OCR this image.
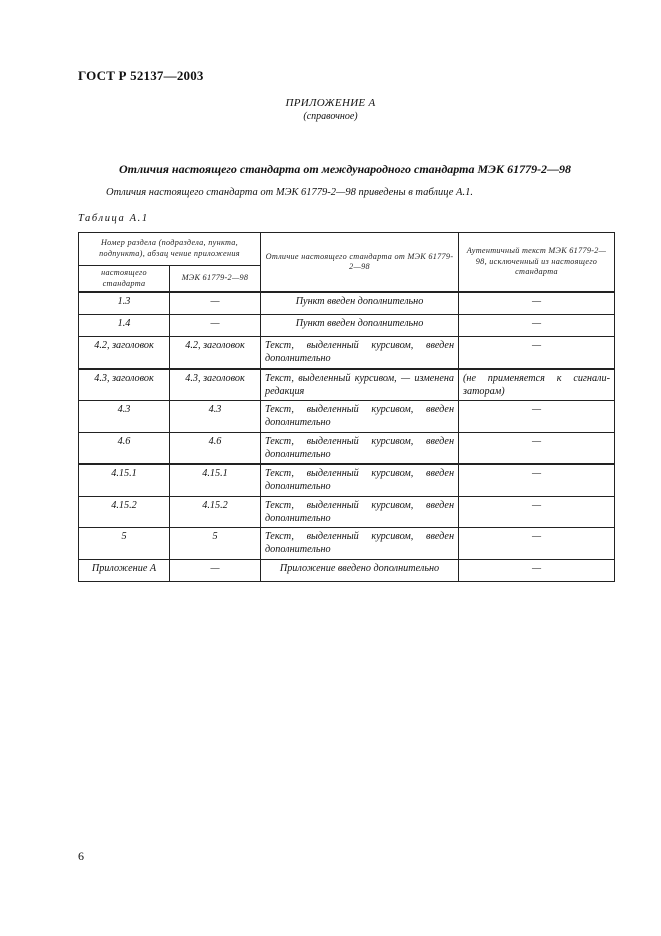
ГОСТ Р 52137—2003
ПРИЛОЖЕНИЕ А
(справочное)
Отличия настоящего стандарта от международного стандарта МЭК 61779-2—98
Отличия настоящего стандарта от МЭК 61779-2—98 приведены в таблице А.1.
Таблица А.1
Номер раздела (подраздела, пункта, подпункта), абзац чение приложения		Отличие настоящего стандарта от МЭК 61779-2—98	Аутентичный текст МЭК 61779-2—98, исключенный из настоящего стандарта
настоящего стандарта	МЭК 61779-2—98		
1.3	—	Пункт введен дополнительно	—
1.4	—	Пункт введен дополнительно	—
4.2, заголовок	4.2, заголовок	Текст, выделенный курсивом, введен дополнительно	—
4.3, заголовок	4.3, заголовок	Текст, выделенный курсивом, — изменена редакция	(не применяется к сигнализаторам)
4.3	4.3	Текст, выделенный курсивом, введен дополнительно	—
4.6	4.6	Текст, выделенный курсивом, введен дополнительно	—
4.15.1	4.15.1	Текст, выделенный курсивом, введен дополнительно	—
4.15.2	4.15.2	Текст, выделенный курсивом, введен дополнительно	—
5	5	Текст, выделенный курсивом, введен дополнительно	—
Приложение А	—	Приложение введено дополнительно	—
6
